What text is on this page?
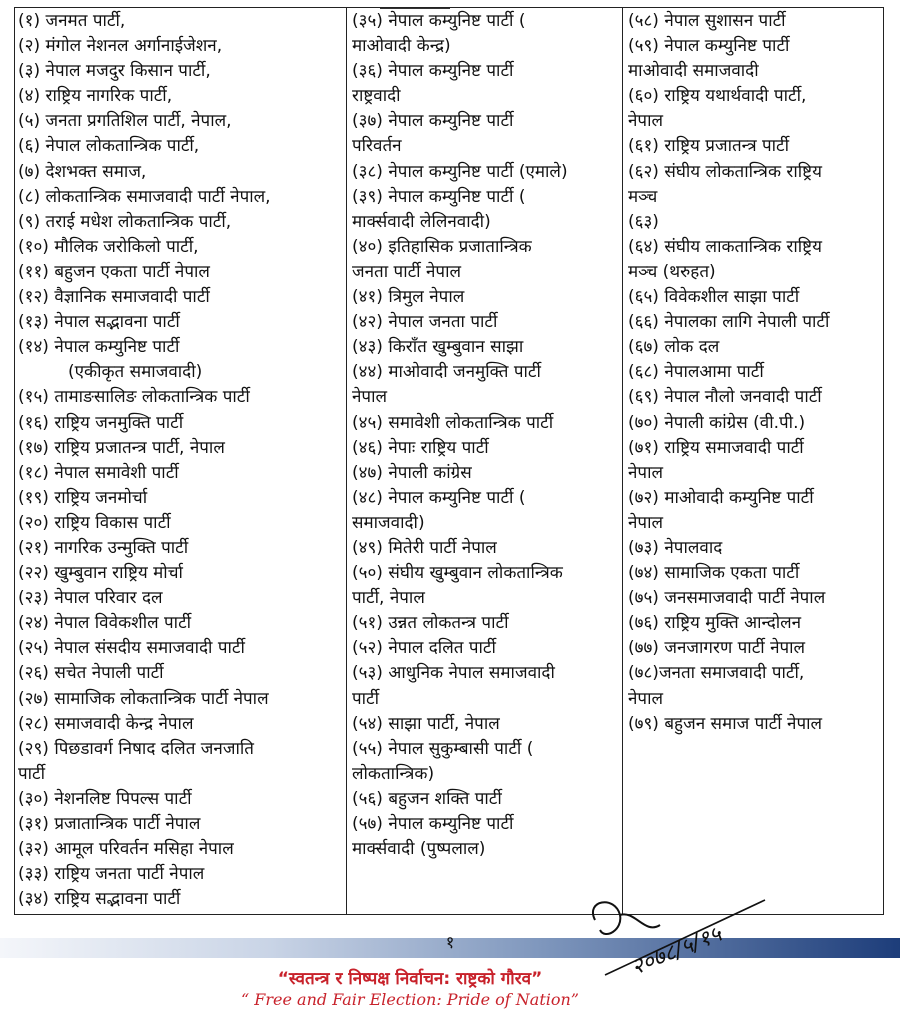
(१) जनमत पार्टी,
(२) मंगोल नेशनल अर्गानाईजेशन,
(३) नेपाल मजदुर किसान पार्टी,
(४) राष्ट्रिय नागरिक पार्टी,
(५) जनता प्रगतिशिल पार्टी, नेपाल,
(६) नेपाल लोकतान्त्रिक पार्टी,
(७) देशभक्त समाज,
(८) लोकतान्त्रिक समाजवादी पार्टी नेपाल,
(९) तराई मधेश लोकतान्त्रिक पार्टी,
(१०) मौलिक जरोकिलो पार्टी,
(११) बहुजन एकता पार्टी नेपाल
(१२) वैज्ञानिक समाजवादी पार्टी
(१३) नेपाल सद्भावना पार्टी
(१४) नेपाल कम्युनिष्ट पार्टी
(एकीकृत समाजवादी)
(१५) तामाङसालिङ लोकतान्त्रिक पार्टी
(१६) राष्ट्रिय जनमुक्ति पार्टी
(१७) राष्ट्रिय प्रजातन्त्र पार्टी, नेपाल
(१८) नेपाल समावेशी पार्टी
(१९) राष्ट्रिय जनमोर्चा
(२०) राष्ट्रिय विकास पार्टी
(२१) नागरिक उन्मुक्ति पार्टी
(२२) खुम्बुवान राष्ट्रिय मोर्चा
(२३) नेपाल परिवार दल
(२४) नेपाल विवेकशील पार्टी
(२५) नेपाल संसदीय समाजवादी पार्टी
(२६) सचेत नेपाली पार्टी
(२७) सामाजिक लोकतान्त्रिक पार्टी नेपाल
(२८) समाजवादी केन्द्र नेपाल
(२९) पिछडावर्ग निषाद दलित जनजाति
पार्टी
(३०) नेशनलिष्ट पिपल्स पार्टी
(३१) प्रजातान्त्रिक पार्टी नेपाल
(३२) आमूल परिवर्तन मसिहा नेपाल
(३३) राष्ट्रिय जनता पार्टी नेपाल
(३४) राष्ट्रिय सद्भावना पार्टी
(३५) नेपाल कम्युनिष्ट पार्टी (
माओवादी केन्द्र)
(३६) नेपाल कम्युनिष्ट पार्टी
राष्ट्रवादी
(३७) नेपाल कम्युनिष्ट पार्टी
परिवर्तन
(३८) नेपाल कम्युनिष्ट पार्टी (एमाले)
(३९) नेपाल कम्युनिष्ट पार्टी (
मार्क्सवादी लेलिनवादी)
(४०) इतिहासिक प्रजातान्त्रिक
जनता पार्टी नेपाल
(४१) त्रिमुल नेपाल
(४२) नेपाल जनता पार्टी
(४३) किराँत खुम्बुवान साझा
(४४) माओवादी जनमुक्ति पार्टी
नेपाल
(४५) समावेशी लोकतान्त्रिक पार्टी
(४६) नेपाः राष्ट्रिय पार्टी
(४७) नेपाली कांग्रेस
(४८) नेपाल कम्युनिष्ट पार्टी (
समाजवादी)
(४९) मितेरी पार्टी नेपाल
(५०) संघीय खुम्बुवान लोकतान्त्रिक
पार्टी, नेपाल
(५१) उन्नत लोकतन्त्र पार्टी
(५२) नेपाल दलित पार्टी
(५३) आधुनिक नेपाल समाजवादी
पार्टी
(५४) साझा पार्टी, नेपाल
(५५) नेपाल सुकुम्बासी पार्टी (
लोकतान्त्रिक)
(५६) बहुजन शक्ति पार्टी
(५७) नेपाल कम्युनिष्ट पार्टी
मार्क्सवादी (पुष्पलाल)
(५८) नेपाल सुशासन पार्टी
(५९) नेपाल कम्युनिष्ट पार्टी
माओवादी समाजवादी
(६०) राष्ट्रिय यथार्थवादी पार्टी,
नेपाल
(६१) राष्ट्रिय प्रजातन्त्र पार्टी
(६२) संघीय लोकतान्त्रिक राष्ट्रिय
मञ्च
(६३)
(६४) संघीय लाकतान्त्रिक राष्ट्रिय
मञ्च (थरुहत)
(६५) विवेकशील साझा पार्टी
(६६) नेपालका लागि नेपाली पार्टी
(६७) लोक दल
(६८) नेपालआमा पार्टी
(६९) नेपाल नौलो जनवादी पार्टी
(७०) नेपाली कांग्रेस (वी.पी.)
(७१) राष्ट्रिय समाजवादी पार्टी
नेपाल
(७२) माओवादी कम्युनिष्ट पार्टी
नेपाल
(७३) नेपालवाद
(७४) सामाजिक एकता पार्टी
(७५) जनसमाजवादी पार्टी नेपाल
(७६) राष्ट्रिय मुक्ति आन्दोलन
(७७) जनजागरण पार्टी नेपाल
(७८)जनता समाजवादी पार्टी,
नेपाल
(७९) बहुजन समाज पार्टी नेपाल
१
“स्वतन्त्र र निष्पक्ष निर्वाचन: राष्ट्रको गौरव”
“ Free and Fair Election: Pride of Nation”
२०७८/५/१५
